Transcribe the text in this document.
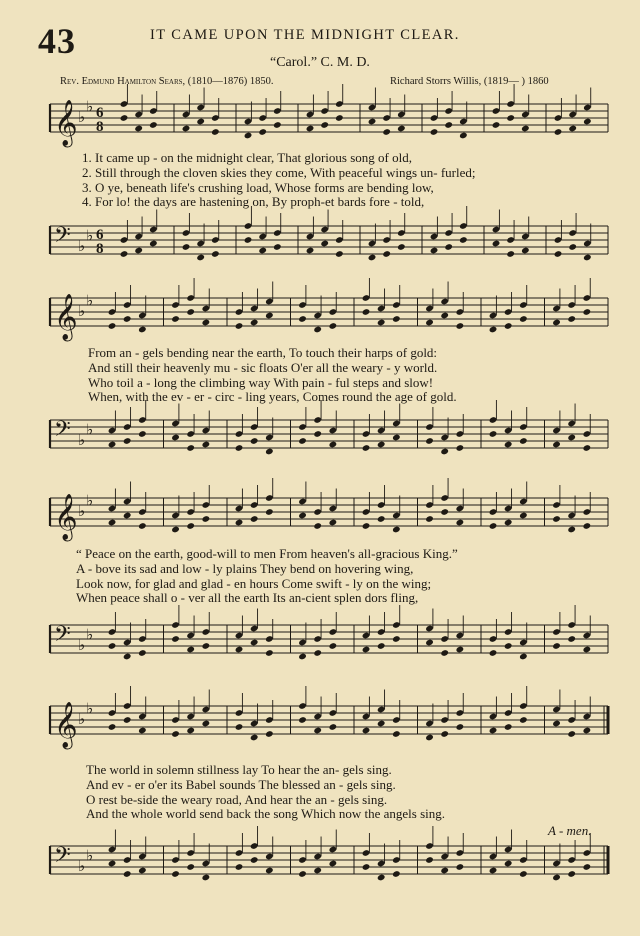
43	IT CAME UPON THE MIDNIGHT CLEAR.
“Carol.” C. M. D.
Rev. Edmund Hamilton Sears, (1810—1876) 1850.	Richard Storrs Willis, (1819— ) 1860
𝄞 ♭
♭ 6
8
1. It came up - on the midnight clear, That glorious song of old,
2. Still through the cloven skies they come, With peaceful wings un- furled;
3. O ye, beneath life's crushing load, Whose forms are bending low,
4. For lo! the days are hastening on, By proph-et bards fore - told,
𝄢 ♭
♭ 6
8
𝄞 ♭
♭
From an - gels bending near the earth, To touch their harps of gold:
And still their heavenly mu - sic floats O'er all the weary - y world.
Who toil a - long the climbing way With pain - ful steps and slow!
When, with the ev - er - circ - ling years, Comes round the age of gold.
𝄢 ♭
♭
𝄞 ♭
♭
“ Peace on the earth, good-will to men From heaven's all-gracious King.”
A - bove its sad and low - ly plains They bend on hovering wing,
Look now, for glad and glad - en hours Come swift - ly on the wing;
When peace shall o - ver all the earth Its an-cient splen dors fling,
𝄢 ♭
♭
𝄞 ♭
♭
The world in solemn stillness lay To hear the an- gels sing.
And ev - er o'er its Babel sounds The blessed an - gels sing.
O rest be-side the weary road, And hear the an - gels sing.
And the whole world send back the song Which now the angels sing.
A - men.
𝄢 ♭
♭
